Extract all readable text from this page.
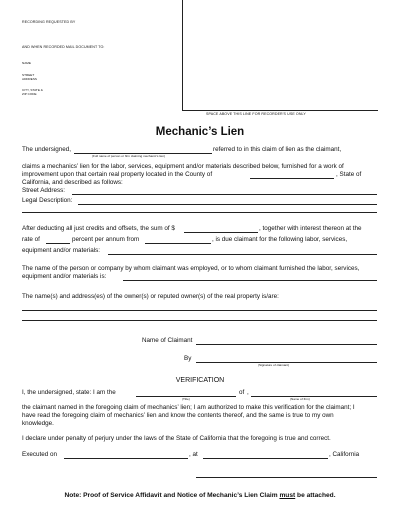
RECORDING REQUESTED BY
AND WHEN RECORDED MAIL DOCUMENT TO:
NAME
STREET
ADDRESS
CITY, STATE &
ZIP CODE
SPACE ABOVE THIS LINE FOR RECORDER'S USE ONLY
Mechanic’s Lien
The undersigned,	referred to in this claim of lien as the claimant,
(Full name of person or firm claiming mechanic's lien)
claims a mechanics’ lien for the labor, services, equipment and/or materials described below, furnished for a work of
improvement upon that certain real property located in the County of	, State of
California, and described as follows:
Street Address:
Legal Description:
After deducting all just credits and offsets, the sum of $	, together with interest thereon at the
rate of	percent per annum from	, is due claimant for the following labor, services,
equipment and/or materials:
The name of the person or company by whom claimant was employed, or to whom claimant furnished the labor, services,
equipment and/or materials is:
The name(s) and address(es) of the owner(s) or reputed owner(s) of the real property is/are:
Name of Claimant
By
(Signature of claimant)
VERIFICATION
I, the undersigned, state: I am the	of ,
(Title)	(Name of firm)
the claimant named in the foregoing claim of mechanics’ lien; I am authorized to make this verification for the claimant; I
have read the foregoing claim of mechanics’ lien and know the contents thereof, and the same is true to my own
knowledge.
I declare under penalty of perjury under the laws of the State of California that the foregoing is true and correct.
Executed on	, at	, California
Note: Proof of Service Affidavit and Notice of Mechanic’s Lien Claim must be attached.
